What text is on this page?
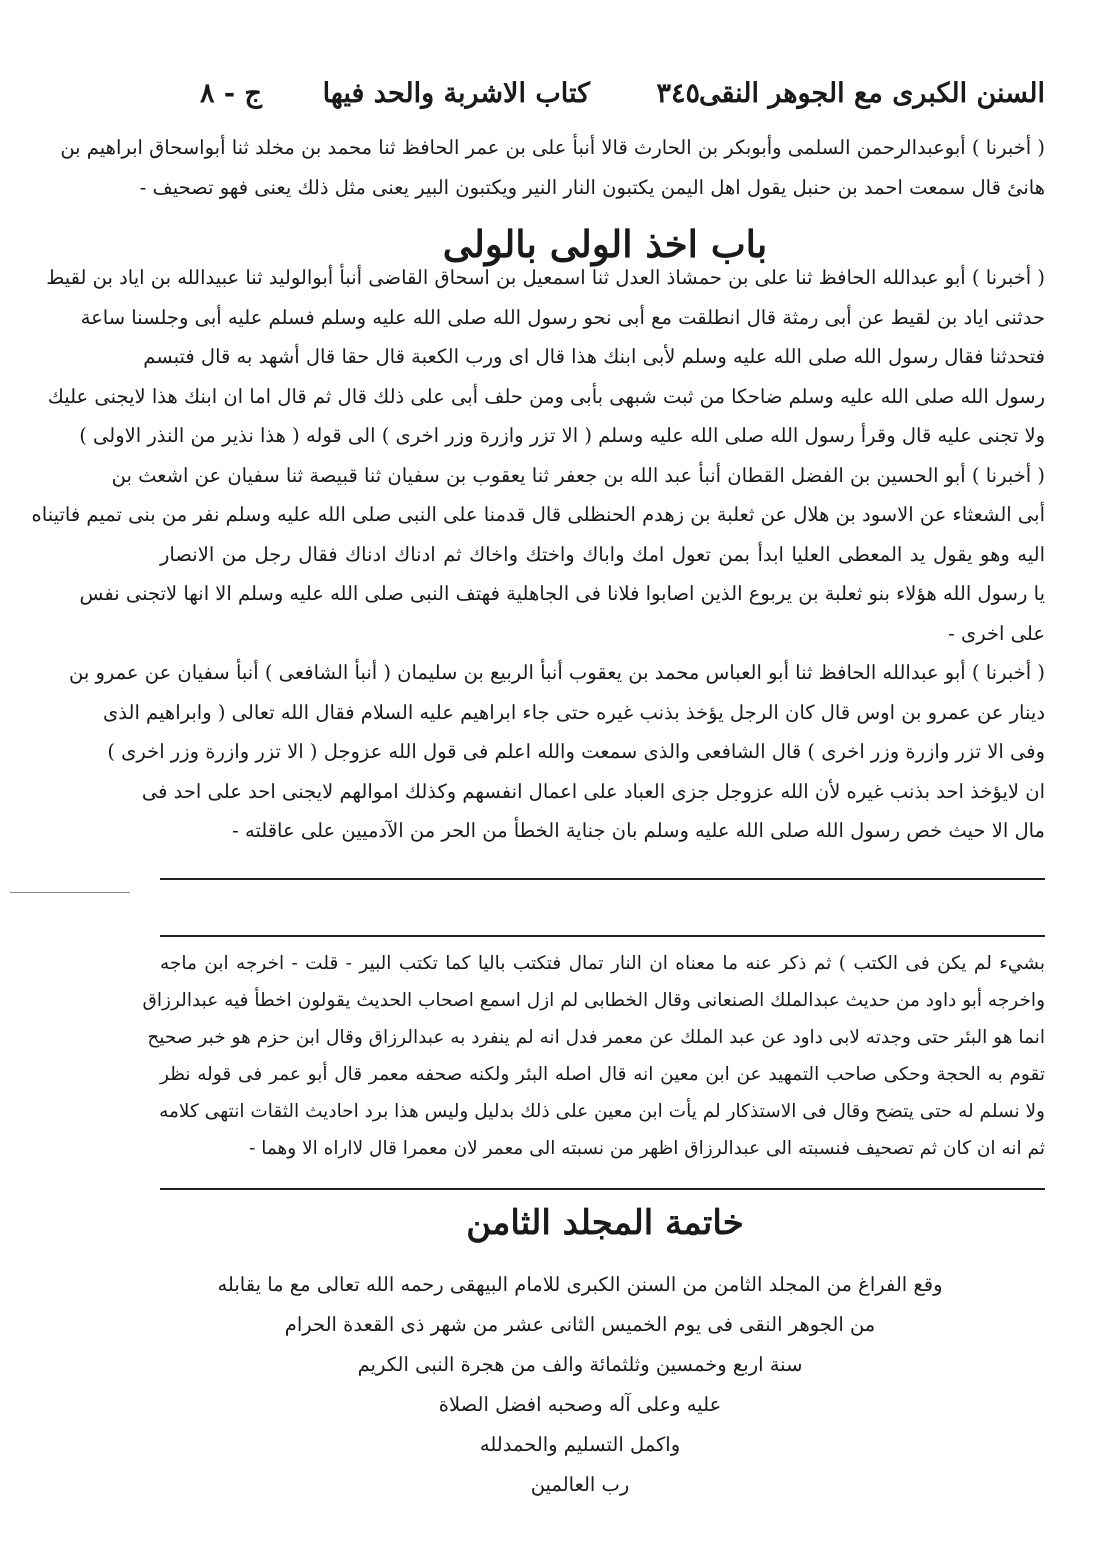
السنن الكبرى مع الجوهر النقى
٣٤٥
كتاب الاشربة والحد فيها
ج - ٨
( أخبرنا ) أبوعبدالرحمن السلمى وأبوبكر بن الحارث قالا أنبأ على بن عمر الحافظ ثنا محمد بن مخلد ثنا أبواسحاق ابراهيم بن
هانئ قال سمعت احمد بن حنبل يقول اهل اليمن يكتبون النار النير ويكتبون البير يعنى مثل ذلك يعنى فهو تصحيف -
باب اخذ الولى بالولى
( أخبرنا ) أبو عبدالله الحافظ ثنا على بن حمشاذ العدل ثنا اسمعيل بن اسحاق القاضى أنبأ أبوالوليد ثنا عبيدالله بن اياد بن لقيط
حدثنى اياد بن لقيط عن أبى رمثة قال انطلقت مع أبى نحو رسول الله صلى الله عليه وسلم فسلم عليه أبى وجلسنا ساعة
فتحدثنا فقال رسول الله صلى الله عليه وسلم لأبى ابنك هذا قال اى ورب الكعبة قال حقا قال أشهد به قال فتبسم
رسول الله صلى الله عليه وسلم ضاحكا من ثبت شبهى بأبى ومن حلف أبى على ذلك قال ثم قال اما ان ابنك هذا لايجنى عليك
ولا تجنى عليه قال وقرأ رسول الله صلى الله عليه وسلم ( الا تزر وازرة وزر اخرى ) الى قوله ( هذا نذير من النذر الاولى )
( أخبرنا ) أبو الحسين بن الفضل القطان أنبأ عبد الله بن جعفر ثنا يعقوب بن سفيان ثنا قبيصة ثنا سفيان عن اشعث بن
أبى الشعثاء عن الاسود بن هلال عن ثعلبة بن زهدم الحنظلى قال قدمنا على النبى صلى الله عليه وسلم نفر من بنى تميم فاتيناه
اليه وهو يقول يد المعطى العليا ابدأ بمن تعول امك واباك واختك واخاك ثم ادناك ادناك فقال رجل من الانصار
يا رسول الله هؤلاء بنو ثعلبة بن يربوع الذين اصابوا فلانا فى الجاهلية فهتف النبى صلى الله عليه وسلم الا انها لاتجنى نفس
على اخرى -
( أخبرنا ) أبو عبدالله الحافظ ثنا أبو العباس محمد بن يعقوب أنبأ الربيع بن سليمان ( أنبأ الشافعى ) أنبأ سفيان عن عمرو بن
دينار عن عمرو بن اوس قال كان الرجل يؤخذ بذنب غيره حتى جاء ابراهيم عليه السلام فقال الله تعالى ( وابراهيم الذى
وفى الا تزر وازرة وزر اخرى ) قال الشافعى والذى سمعت والله اعلم فى قول الله عزوجل ( الا تزر وازرة وزر اخرى )
ان لايؤخذ احد بذنب غيره لأن الله عزوجل جزى العباد على اعمال انفسهم وكذلك اموالهم لايجنى احد على احد فى
مال الا حيث خص رسول الله صلى الله عليه وسلم بان جناية الخطأ من الحر من الآدميين على عاقلته -
بشيء لم يكن فى الكتب ) ثم ذكر عنه ما معناه ان النار تمال فتكتب باليا كما تكتب البير - قلت - اخرجه ابن ماجه
واخرجه أبو داود من حديث عبدالملك الصنعانى وقال الخطابى لم ازل اسمع اصحاب الحديث يقولون اخطأ فيه عبدالرزاق
انما هو البئر حتى وجدته لابى داود عن عبد الملك عن معمر فدل انه لم ينفرد به عبدالرزاق وقال ابن حزم هو خبر صحيح
تقوم به الحجة وحكى صاحب التمهيد عن ابن معين انه قال اصله البئر ولكنه صحفه معمر قال أبو عمر فى قوله نظر
ولا نسلم له حتى يتضح وقال فى الاستذكار لم يأت ابن معين على ذلك بدليل وليس هذا برد احاديث الثقات انتهى كلامه
ثم انه ان كان ثم تصحيف فنسبته الى عبدالرزاق اظهر من نسبته الى معمر لان معمرا قال لااراه الا وهما -
خاتمة المجلد الثامن
وقع الفراغ من المجلد الثامن من السنن الكبرى للامام البيهقى رحمه الله تعالى مع ما يقابله
من الجوهر النقى فى يوم الخميس الثانى عشر من شهر ذى القعدة الحرام
سنة اربع وخمسين وثلثمائة والف من هجرة النبى الكريم
عليه وعلى آله وصحبه افضل الصلاة
واكمل التسليم والحمدلله
رب العالمين
